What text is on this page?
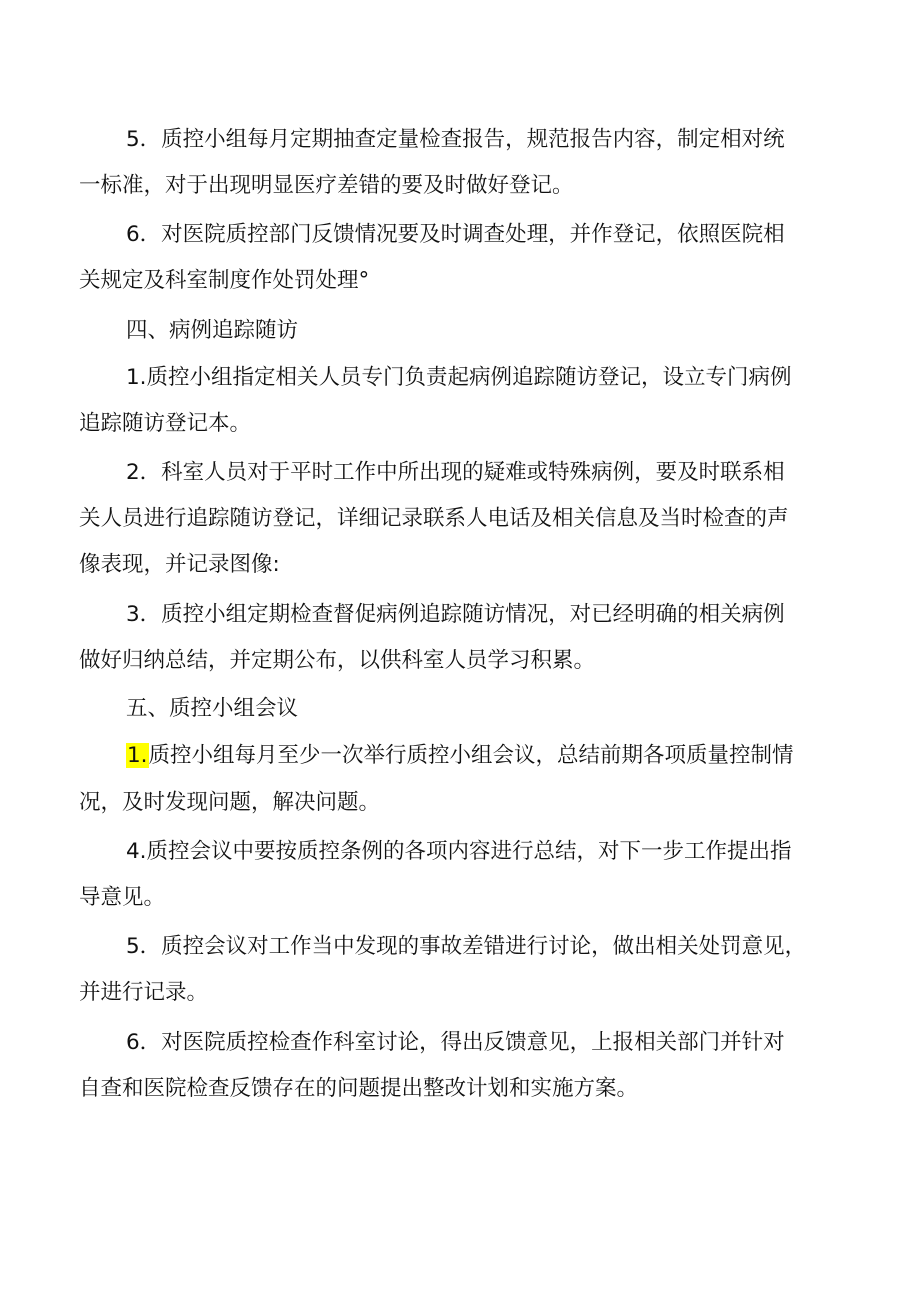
5．质控小组每月定期抽查定量检查报告，规范报告内容，制定相对统
一标准，对于出现明显医疗差错的要及时做好登记。
6．对医院质控部门反馈情况要及时调查处理，并作登记，依照医院相
关规定及科室制度作处罚处理°
四、病例追踪随访
1.质控小组指定相关人员专门负责起病例追踪随访登记，设立专门病例
追踪随访登记本。
2．科室人员对于平时工作中所出现的疑难或特殊病例，要及时联系相
关人员进行追踪随访登记，详细记录联系人电话及相关信息及当时检查的声
像表现，并记录图像:
3．质控小组定期检查督促病例追踪随访情况，对已经明确的相关病例
做好归纳总结，并定期公布，以供科室人员学习积累。
五、质控小组会议
1.质控小组每月至少一次举行质控小组会议，总结前期各项质量控制情
况，及时发现问题，解决问题。
4.质控会议中要按质控条例的各项内容进行总结，对下一步工作提出指
导意见。
5．质控会议对工作当中发现的事故差错进行讨论，做出相关处罚意见，
并进行记录。
6．对医院质控检查作科室讨论，得出反馈意见，上报相关部门并针对
自查和医院检查反馈存在的问题提出整改计划和实施方案。
